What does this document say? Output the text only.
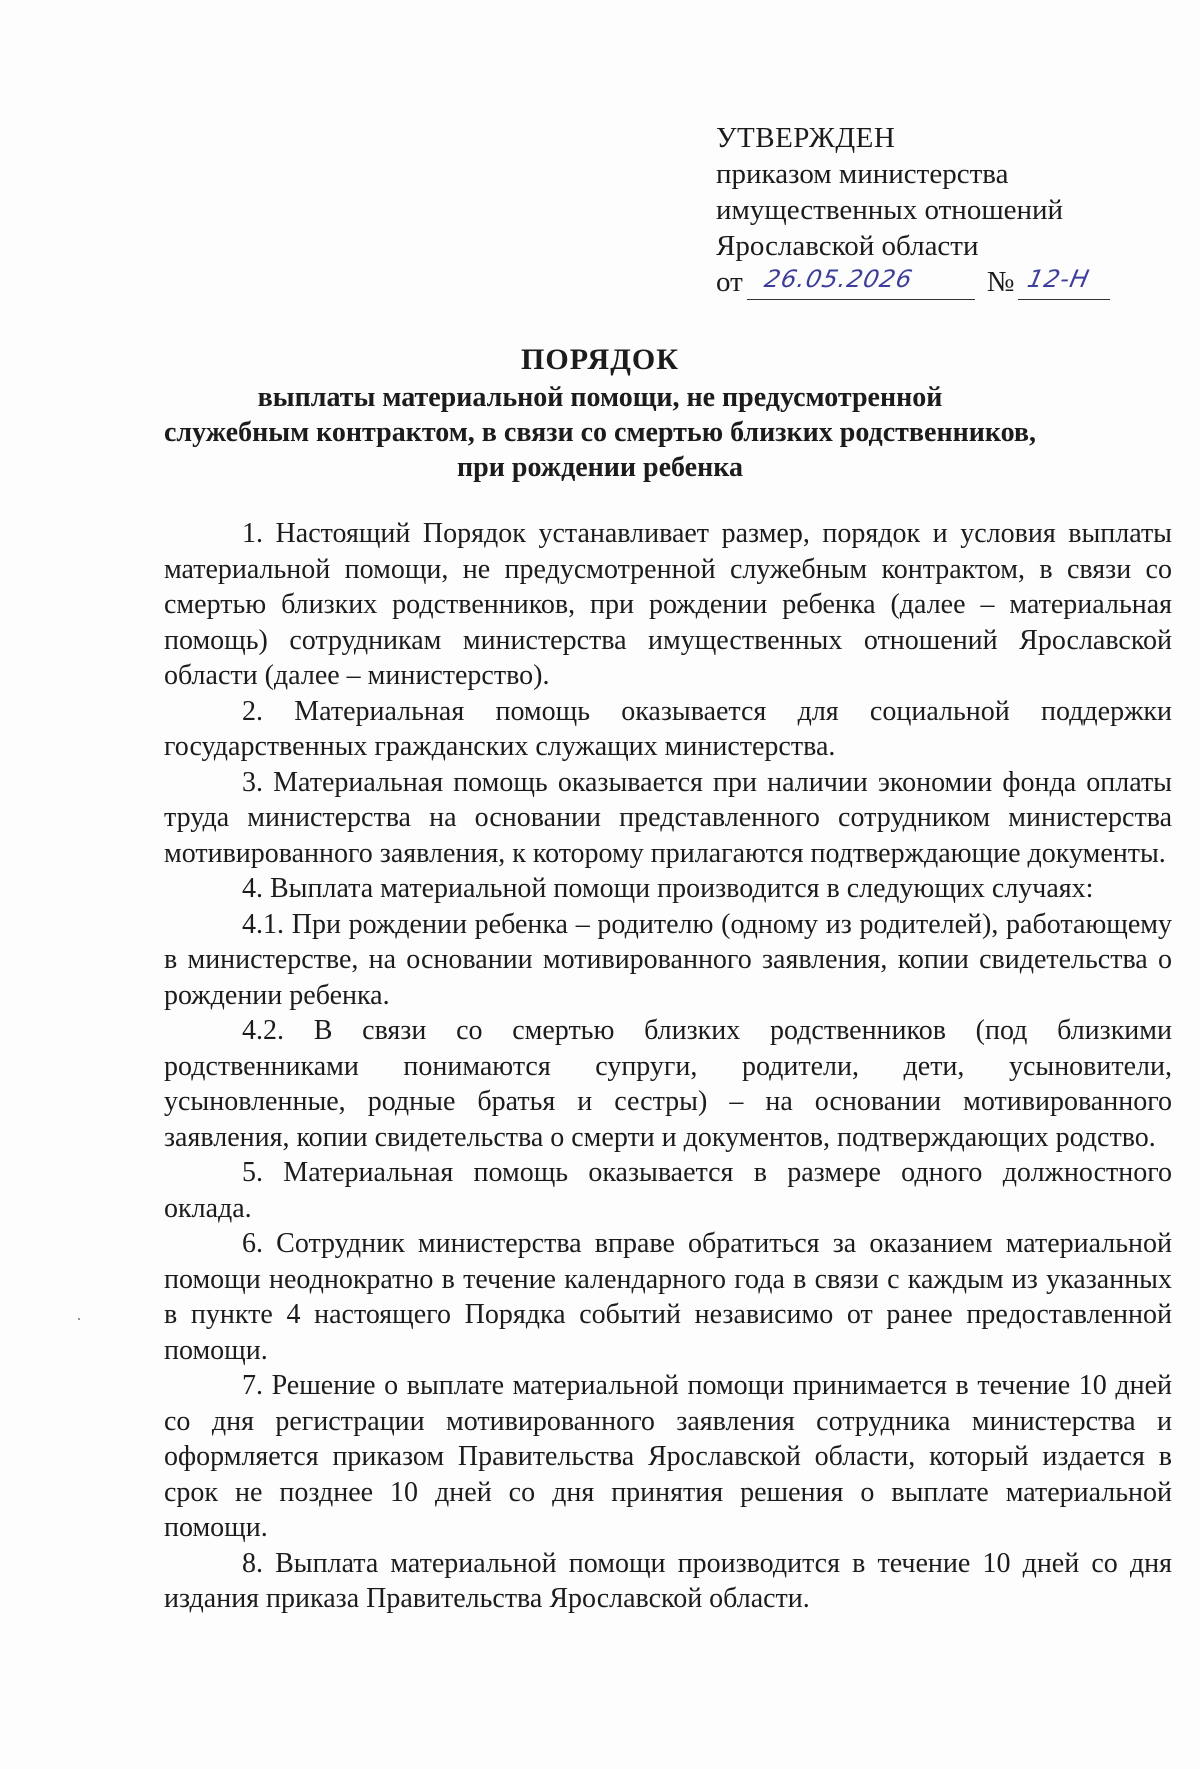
УТВЕРЖДЕН
приказом министерства
имущественных отношений
Ярославской области
от 26.05.2026 № 12-Н
ПОРЯДОК
выплаты материальной помощи, не предусмотренной
служебным контрактом, в связи со смертью близких родственников,
при рождении ребенка

1. Настоящий Порядок устанавливает размер, порядок и условия выплаты материальной помощи, не предусмотренной служебным контрактом, в связи со смертью близких родственников, при рождении ребенка (далее – материальная помощь) сотрудникам министерства имущественных отношений Ярославской области (далее – министерство).

2. Материальная помощь оказывается для социальной поддержки государственных гражданских служащих министерства.

3. Материальная помощь оказывается при наличии экономии фонда оплаты труда министерства на основании представленного сотрудником министерства мотивированного заявления, к которому прилагаются подтверждающие документы.

4. Выплата материальной помощи производится в следующих случаях:

4.1. При рождении ребенка – родителю (одному из родителей), работающему в министерстве, на основании мотивированного заявления, копии свидетельства о рождении ребенка.

4.2. В связи со смертью близких родственников (под близкими родственниками понимаются супруги, родители, дети, усыновители, усыновленные, родные братья и сестры) – на основании мотивированного заявления, копии свидетельства о смерти и документов, подтверждающих родство.

5. Материальная помощь оказывается в размере одного должностного оклада.

6. Сотрудник министерства вправе обратиться за оказанием материальной помощи неоднократно в течение календарного года в связи с каждым из указанных в пункте 4 настоящего Порядка событий независимо от ранее предоставленной помощи.

7. Решение о выплате материальной помощи принимается в течение 10 дней со дня регистрации мотивированного заявления сотрудника министерства и оформляется приказом Правительства Ярославской области, который издается в срок не позднее 10 дней со дня принятия решения о выплате материальной помощи.

8. Выплата материальной помощи производится в течение 10 дней со дня издания приказа Правительства Ярославской области.
